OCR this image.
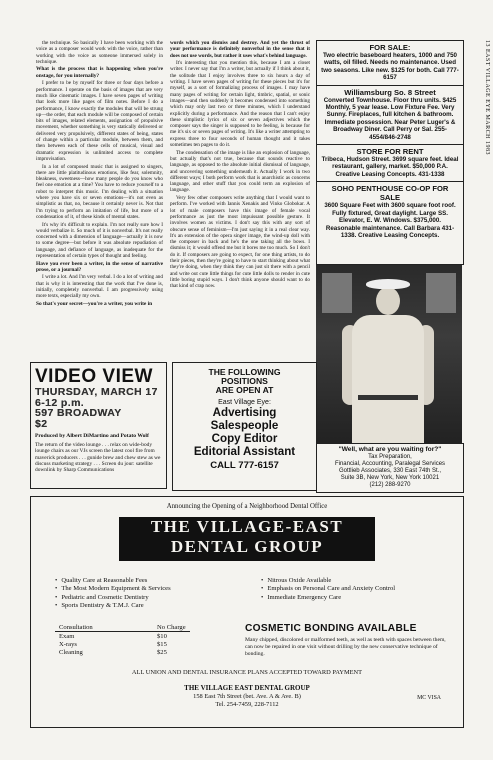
13 EAST VILLAGE EYE MARCH 1983

the technique. So basically I have been working with the voice as a composer would work with the voice, rather than working with the voice as someone immersed solely in technique.

What is the process that is happening when you're onstage, for you internally?

I prefer to be by myself for three or four days before a performance. I operate on the basis of images that are very much like cinematic images. I have seven pages of writing that look more like pages of film notes. Before I do a performance, I know exactly the modules that will be strung up—the order, that each module will be composed of certain bits of images, related elements, assignation of propulsive movement, whether something is very statically delivered or delivered very propulsively, different states of being, states of change within a particular module, between them, and then between each of these cells of musical, visual and dramatic expression is unlimited access to complete improvisation.

In a lot of composed music that is assigned to singers, there are little platitudinous emotions, like fear, solemnity, bleakness, sweetness—how many people do you know who feel one emotion at a time? You have to reduce yourself to a robot to interpret this music. I'm dealing with a situation where you have six or seven emotions—it's not even as simplistic as that, no, because it certainly never is. Not that I'm trying to perform an imitation of life, but more of a condensation of it, of these kinds of mental states.

It's why it's difficult to explain. I'm not really sure how I would verbalize it. So much of it is nonverbal. It's not really concerned with a dimension of language—actually it is now to some degree—but before it was absolute repudiation of language, and defiance of language, as inadequate for the representation of certain types of thought and feeling.

Have you ever been a writer, in the sense of narrative prose, or a journal?

I write a lot. And I'm very verbal. I do a lot of writing and that is why it is interesting that the work that I've done is, initially, completely nonverbal. I am progressively using more texts, especially my own.

So that's your secret—you're a writer, you write in

words which you dismiss and destroy. And yet the thrust of your performance is definitely nonverbal in the sense that it does not use words, but rather it uses what's behind language.

It's interesting that you mention this, because I am a closet writer. I never say that I'm a writer, but actually if I think about it, the solitude that I enjoy involves three to six hours a day of writing. I have seven pages of writing for these pieces but it's for myself, as a sort of formalizing process of images. I may have many pages of writing for certain light, timbric, spatial, or sonic images—and then suddenly it becomes condensed into something which may only last two or three minutes, which I understand explicitly during a performance. And the reason that I can't enjoy these simplistic lyrics of six or seven adjectives which the composer says the singer is supposed to be feeling, is because for me it's six or seven pages of writing. It's like a writer attempting to express three to four seconds of human thought and it takes sometimes ten pages to do it.

The condensation of the image is like an explosion of language, but actually that's not true, because that sounds reactive to language, as opposed to the absolute initial dismissal of language, and uncovering something underneath it. Actually I work in two different ways; I both perform work that is anarchistic as concerns language, and other stuff that you could term an explosion of language.

Very few other composers write anything that I would want to perform. I've worked with Iannis Xenakis and Vinko Globokar. A lot of male composers have this image of female vocal performance as just the most impuissant possible gesture. It involves women as victims. I don't say this with any sort of obscure sense of feminism—I'm just saying it in a real clear way. It's an extension of the opera singer image, the wind-up doll with the composer in back and he's the one taking all the bows. I dismiss it; it would offend me but it bores me too much. So I don't do it. If composers are going to expect, for one thing artists, to do their pieces, then they're going to have to start thinking about what they're doing, when they think they can just sit there with a pencil and write out cute little things for cute little dolls to render in cute little boring stupid ways. I don't think anyone should want to do that kind of crap now.

FOR SALE:
Two electric baseboard heaters, 1000 and 750 watts, oil filled. Needs no maintenance. Used two seasons. Like new. $125 for both. Call 777-6157
Williamsburg So. 8 Street
Converted Townhouse. Floor thru units. $425 Monthly, 5 year lease. Low Fixture Fee. Very Sunny. Fireplaces, full kitchen & bathroom. Immediate possession. Near Peter Luger's & Broadway Diner. Call Perry or Sal. 255-4554/846-2748
STORE FOR RENT
Tribeca, Hudson Street. 3699 square feet. Ideal restaurant, gallery, market. $50,000 P.A. Creative Leasing Concepts. 431-1338
SOHO PENTHOUSE CO-OP FOR SALE
3600 Square Feet with 3600 square foot roof. Fully fixtured, Great daylight. Large SS. Elevator, E. W. Windows. $375,000. Reasonable maintenance. Call Barbara 431-1338. Creative Leasing Concepts.
"Well, what are you waiting for?"
Tax Preparation,
Financial, Accounting, Paralegal Services
Gottlieb Associates, 330 East 74th St.,
Suite 3B, New York, New York 10021
(212) 288-9270
VIDEO VIEW
THURSDAY, MARCH 17
6-12 p.m.
597 BROADWAY
$2
Produced by Albert DiMartino and Potato Wolf
The return of the video lounge . . . relax on wide-body lounge chairs as our VJs screen the latest cool fire from maverick producers . . . gunide brew and chew stew as we discuss marketing strategy . . . Screen du jour: satellite downlink by Sharp Communications
THE FOLLOWING
POSITIONS
ARE OPEN AT
East Village Eye:
Advertising
Salespeople
Copy Editor
Editorial Assistant
CALL 777-6157
Announcing the Opening of a Neighborhood Dental Office
THE VILLAGE-EAST
DENTAL GROUP
• Quality Care at Reasonable Fees
• The Most Modern Equipment & Services
• Pediatric and Cosmetic Dentistry
• Sports Dentistry & T.M.J. Care
• Nitrous Oxide Available
• Emphasis on Personal Care and Anxiety Control
• Immediate Emergency Care
Consultation	No Charge
Exam	$10
X-rays	$15
Cleaning	$25
COSMETIC BONDING AVAILABLE
Many chipped, discolored or malformed teeth, as well as teeth with spaces between them, can now be repaired in one visit without drilling by the new conservative technique of bonding.
ALL UNION AND DENTAL INSURANCE PLANS ACCEPTED TOWARD PAYMENT
THE VILLAGE EAST DENTAL GROUP
158 East 7th Street (bet. Ave. A & Ave. B)
Tel. 254-7459, 228-7112
MC VISA
